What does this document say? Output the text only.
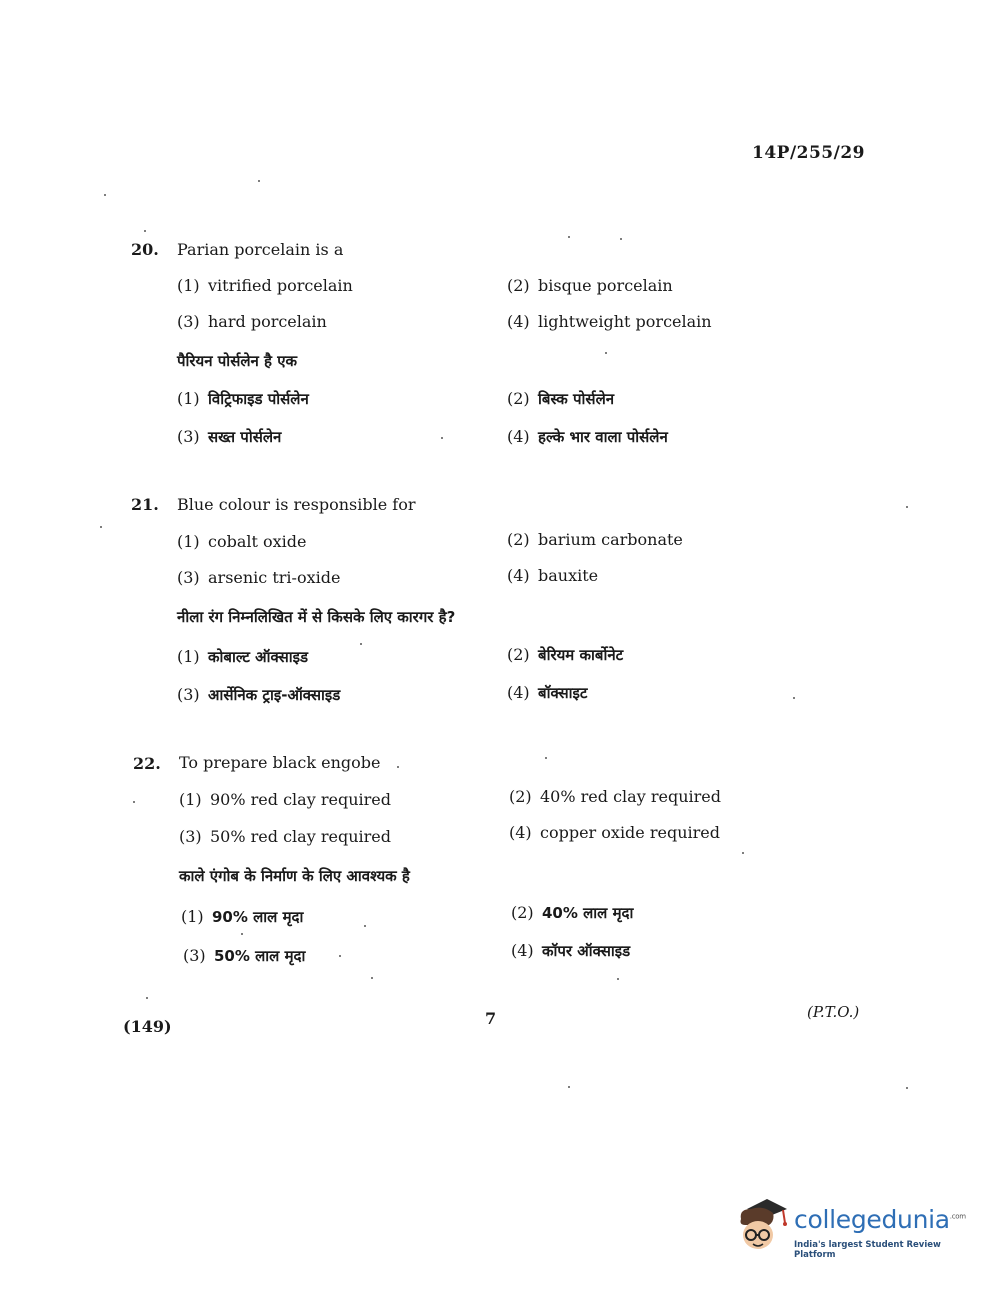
14P/255/29
20. Parian porcelain is a
(1) vitrified porcelain	(2) bisque porcelain
(3) hard porcelain	(4) lightweight porcelain
पैरियन पोर्सलेन है एक
(1) विट्रिफाइड पोर्सलेन	(2) बिस्क पोर्सलेन
(3) सख्त पोर्सलेन	(4) हल्के भार वाला पोर्सलेन
21. Blue colour is responsible for
(1) cobalt oxide	(2) barium carbonate
(3) arsenic tri-oxide	(4) bauxite
नीला रंग निम्नलिखित में से किसके लिए कारगर है?
(1) कोबाल्ट ऑक्साइड	(2) बेरियम कार्बोनेट
(3) आर्सेनिक ट्राइ-ऑक्साइड	(4) बॉक्साइट
22. To prepare black engobe
(1) 90% red clay required	(2) 40% red clay required
(3) 50% red clay required	(4) copper oxide required
काले एंगोब के निर्माण के लिए आवश्यक है
(1) 90% लाल मृदा	(2) 40% लाल मृदा
(3) 50% लाल मृदा	(4) कॉपर ऑक्साइड
(149)	7	(P.T.O.)
collegedunia$^{.com}$
India's largest Student Review Platform
